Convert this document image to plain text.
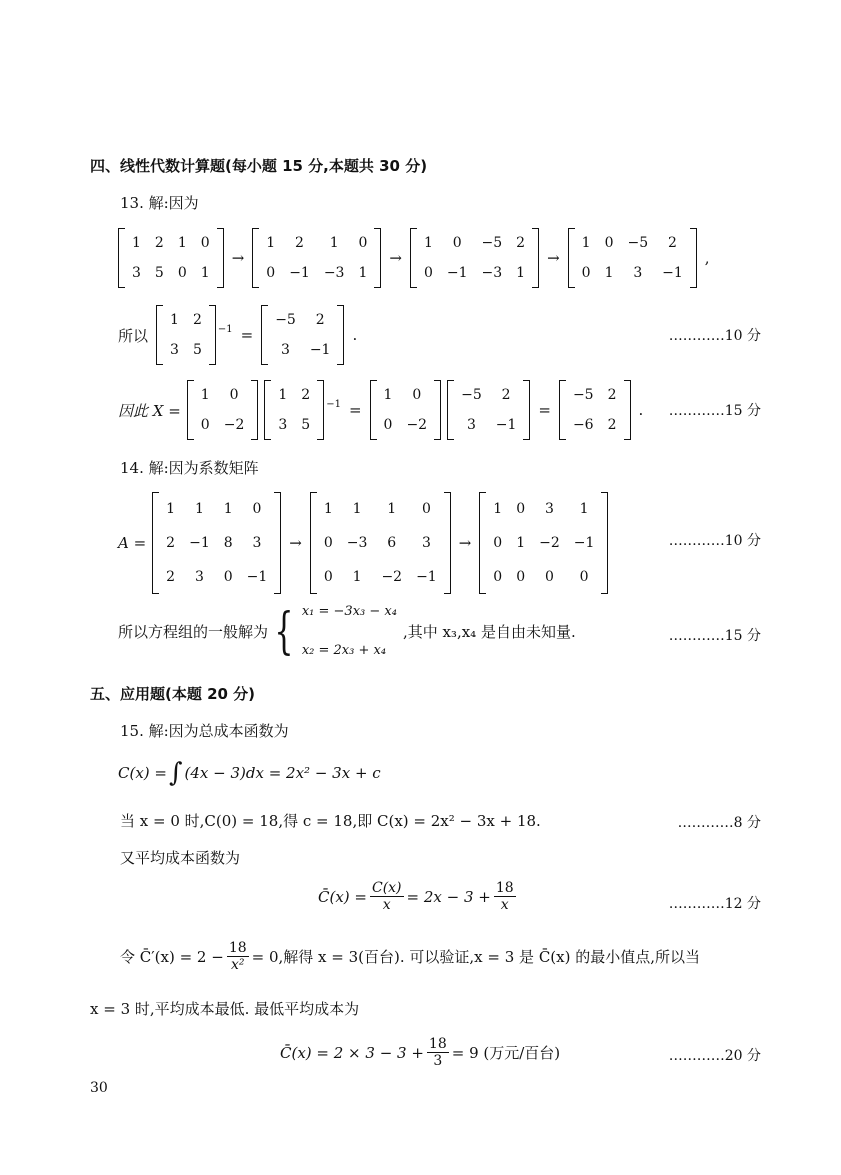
四、线性代数计算题(每小题 15 分,本题共 30 分)
13. 解:因为
1	2	1	0
3	5	0	1
→
1	2	1	0
0	−1	−3	1
→
1	0	−5	2
0	−1	−3	1
→
1	0	−5	2
0	1	3	−1
,
所以
1	2
3	5
−1 =
−5	2
3	−1
.	…………10 分
因此 X =
1	0
0	−2
1	2
3	5
−1 =
1	0
0	−2
−5	2
3	−1
=
−5	2
−6	2
. …………15 分
14. 解:因为系数矩阵
A =
1	1	1	0
2	−1	8	3
2	3	0	−1
→
1	1	1	0
0	−3	6	3
0	1	−2	−1
→
1	0	3	1
0	1	−2	−1
0	0	0	0
…………10 分
所以方程组的一般解为 { x₁ = −3x₃ − x₄
x₂ = 2x₃ + x₄
,其中 x₃,x₄ 是自由未知量.	…………15 分
五、应用题(本题 20 分)
15. 解:因为总成本函数为
C(x) = ∫ (4x − 3)dx = 2x² − 3x + c
当 x = 0 时,C(0) = 18,得 c = 18,即 C(x) = 2x² − 3x + 18.	…………8 分
又平均成本函数为
C̄(x) = $\frac{C(x)}{x} = 2x - 3 + \frac{18}{x}$	…………12 分
令 C̄′(x) = $2 - \frac{18}{\text{x²}} = 0$,解得 x = 3(百台). 可以验证,x = 3 是 C̄(x) 的最小值点,所以当
x = 3 时,平均成本最低. 最低平均成本为
C̄(x) = $2 \times 3 - 3 + \frac{18}{3} = 9$ (万元/百台)	…………20 分
30
